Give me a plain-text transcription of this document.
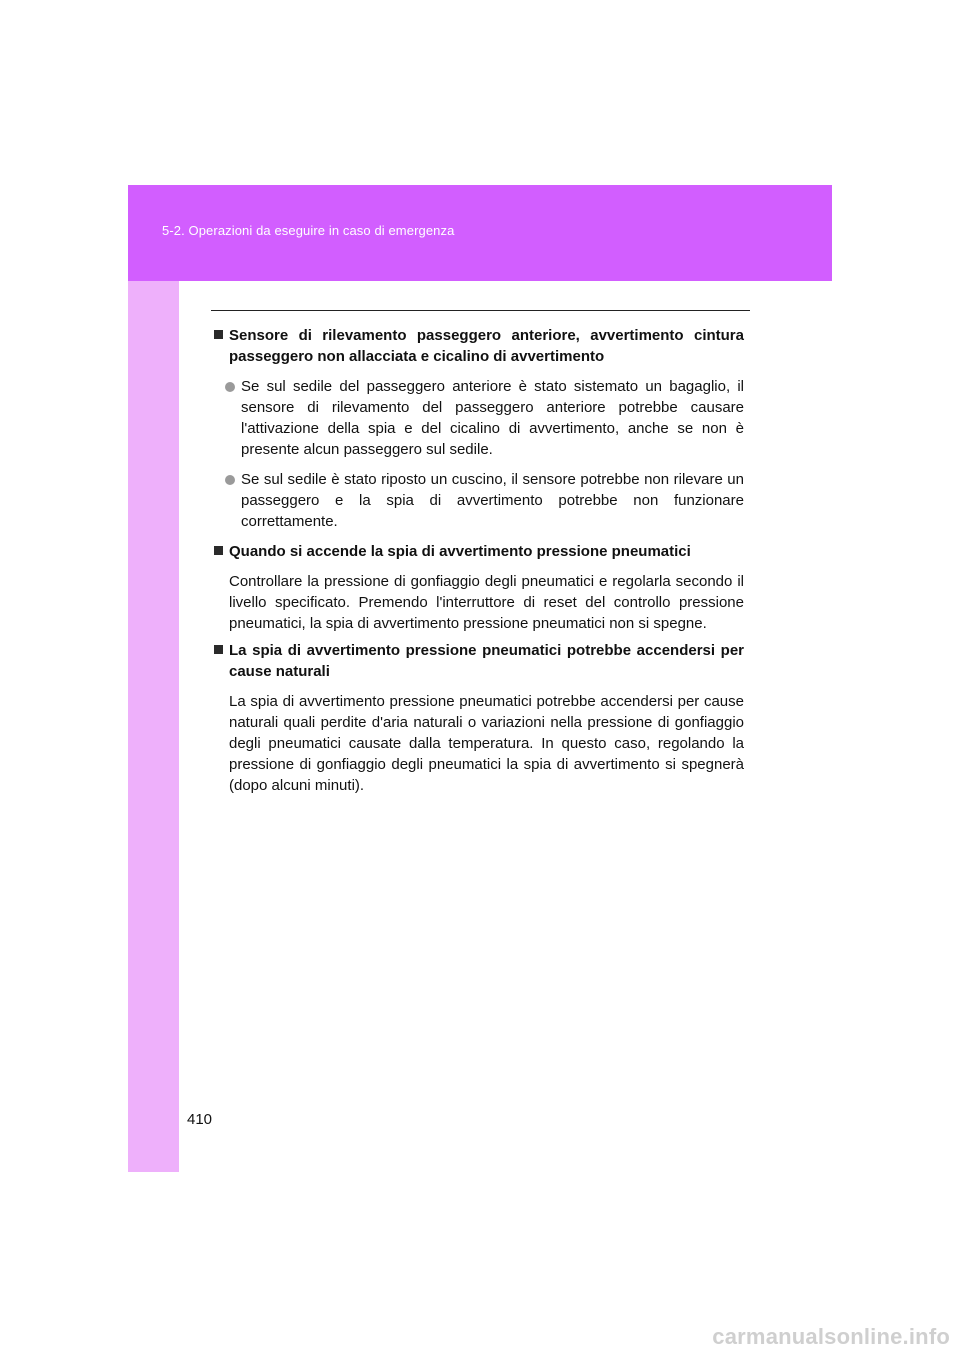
5-2. Operazioni da eseguire in caso di emergenza
Sensore di rilevamento passeggero anteriore, avvertimento cintura passeggero non allacciata e cicalino di avvertimento
Se sul sedile del passeggero anteriore è stato sistemato un bagaglio, il sensore di rilevamento del passeggero anteriore potrebbe causare l'attivazione della spia e del cicalino di avvertimento, anche se non è presente alcun passeggero sul sedile.
Se sul sedile è stato riposto un cuscino, il sensore potrebbe non rilevare un passeggero e la spia di avvertimento potrebbe non funzionare correttamente.
Quando si accende la spia di avvertimento pressione pneumatici
Controllare la pressione di gonfiaggio degli pneumatici e regolarla secondo il livello specificato. Premendo l'interruttore di reset del controllo pressione pneumatici, la spia di avvertimento pressione pneumatici non si spegne.
La spia di avvertimento pressione pneumatici potrebbe accendersi per cause naturali
La spia di avvertimento pressione pneumatici potrebbe accendersi per cause naturali quali perdite d'aria naturali o variazioni nella pressione di gonfiaggio degli pneumatici causate dalla temperatura. In questo caso, regolando la pressione di gonfiaggio degli pneumatici la spia di avvertimento si spegnerà (dopo alcuni minuti).
410
carmanualsonline.info
